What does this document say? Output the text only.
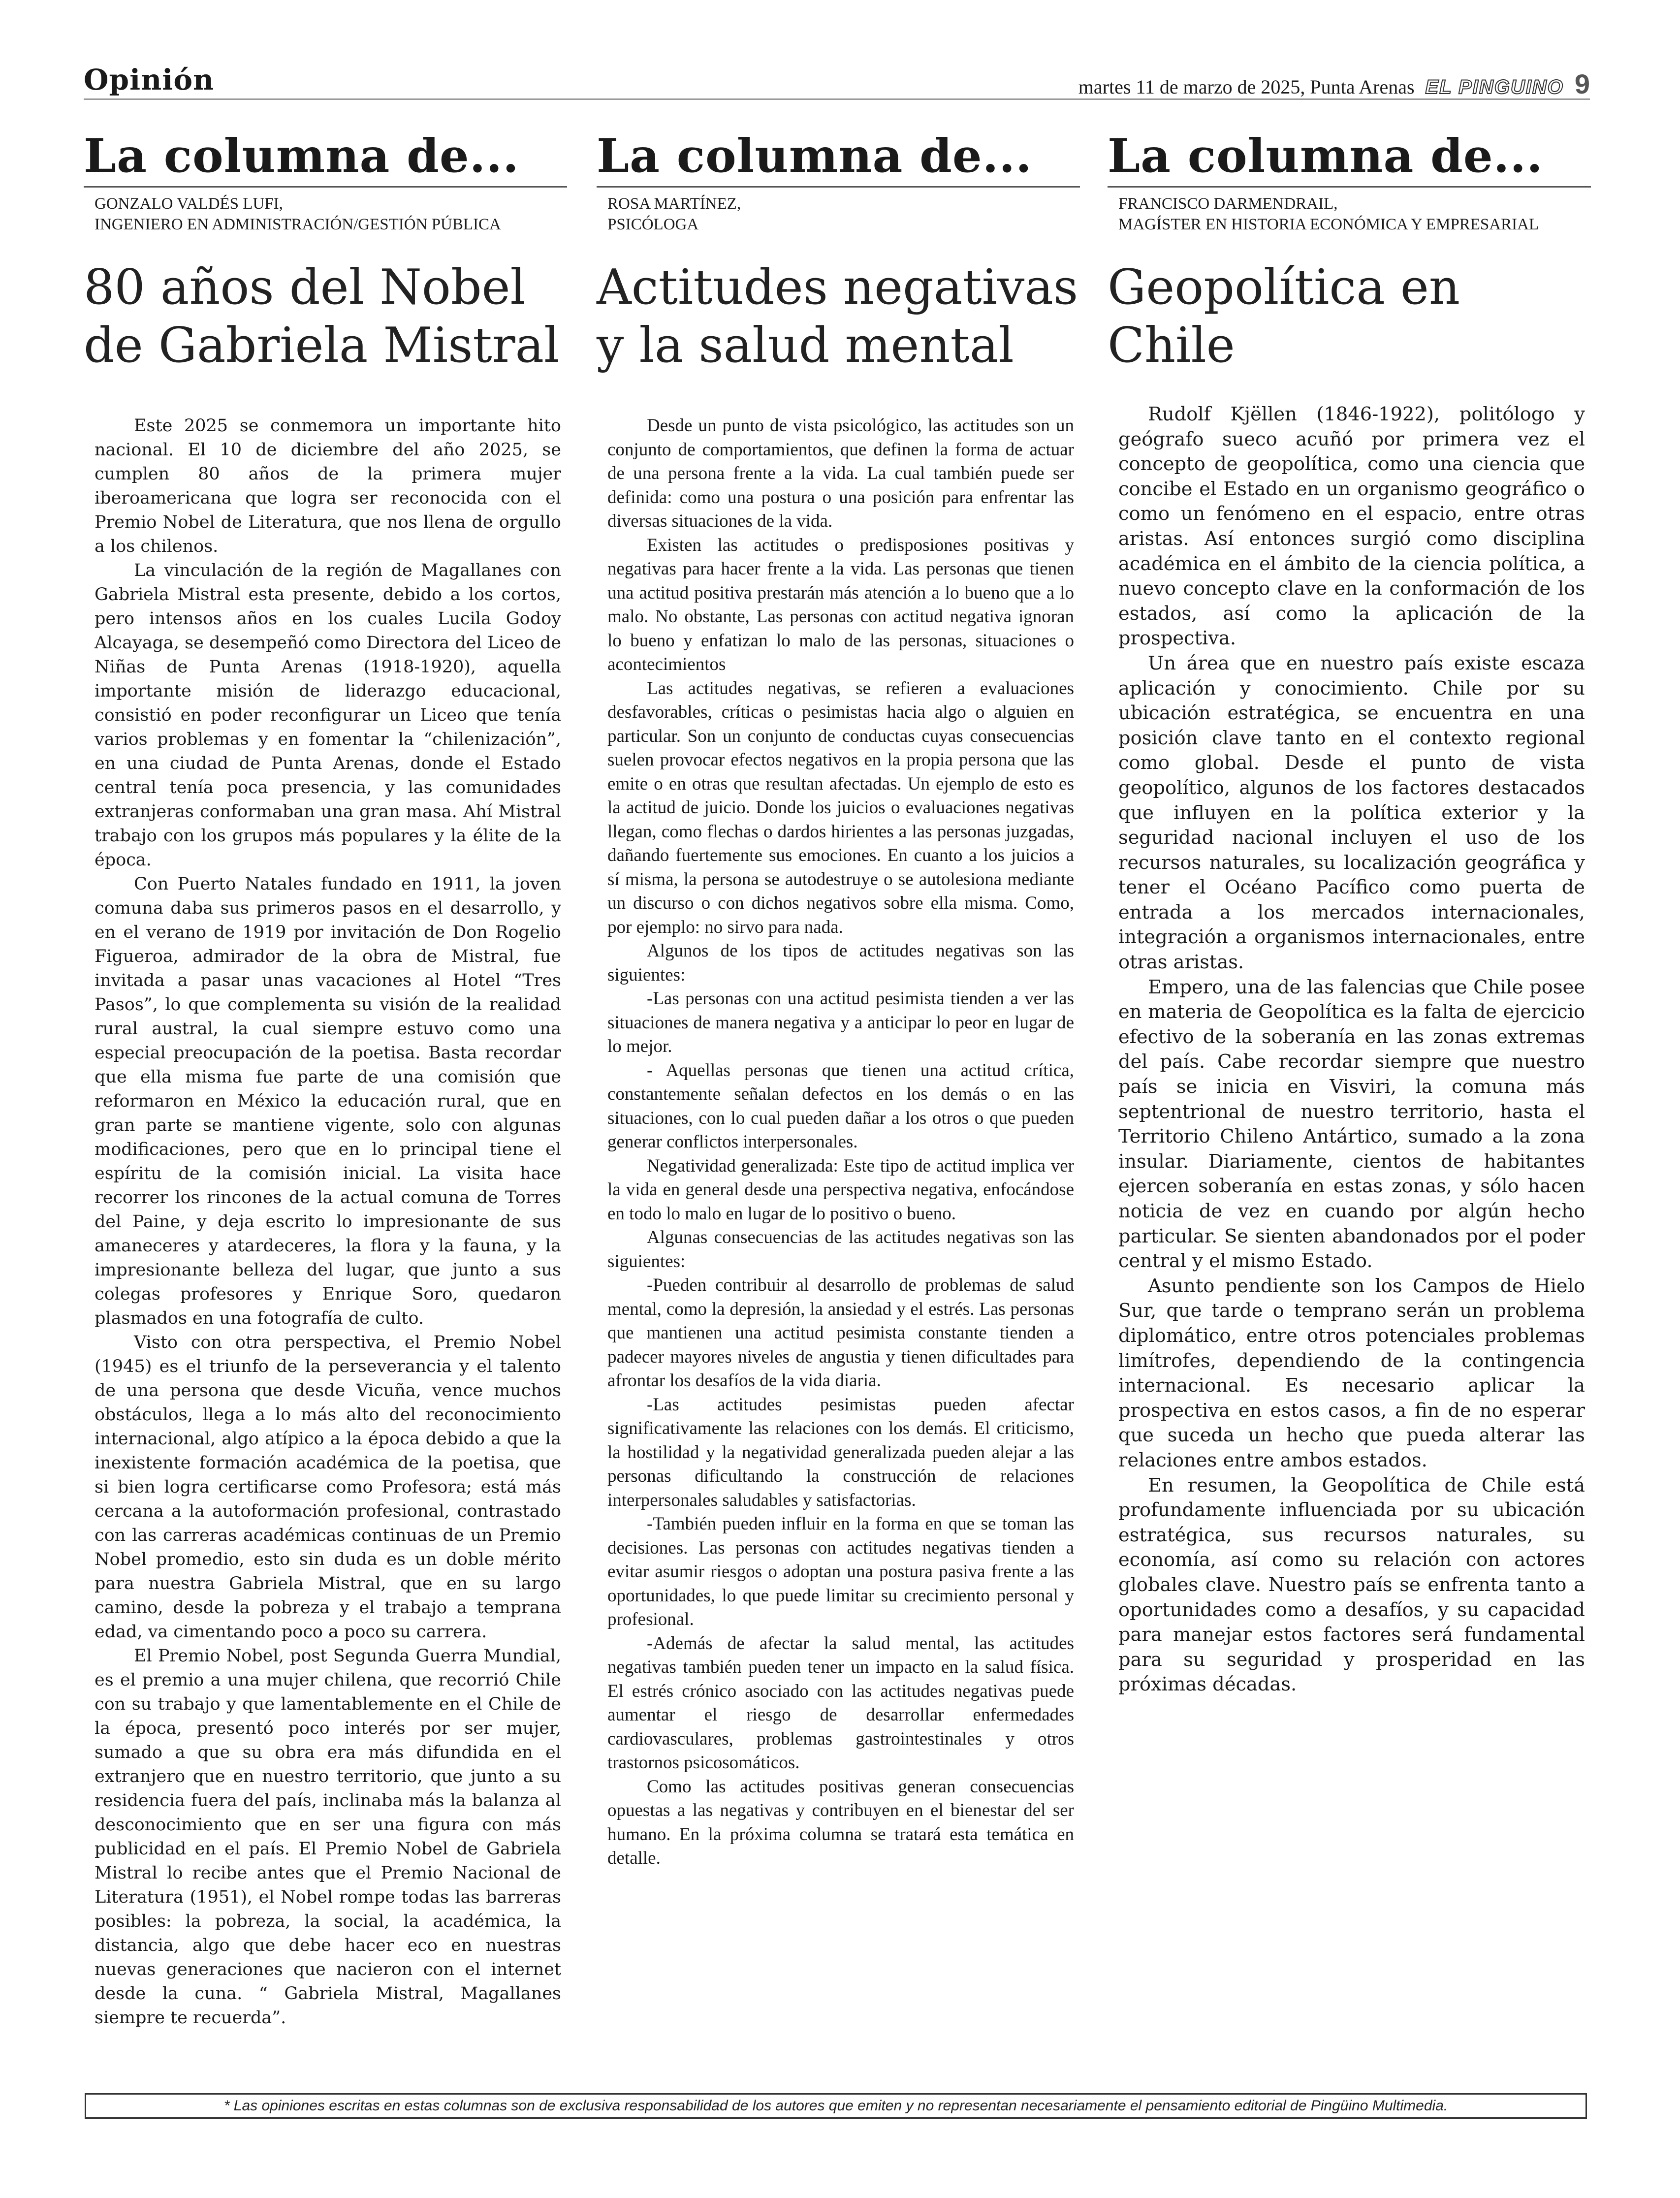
Opinión	martes 11 de marzo de 2025, Punta Arenas EL PINGUINO 9
La columna de...
GONZALO VALDÉS LUFI,
INGENIERO EN ADMINISTRACIÓN/GESTIÓN PÚBLICA
80 años del Nobel de Gabriela Mistral

Este 2025 se conmemora un importante hito nacional. El 10 de diciembre del año 2025, se cumplen 80 años de la primera mujer iberoamericana que logra ser reconocida con el Premio Nobel de Literatura, que nos llena de orgullo a los chilenos.

La vinculación de la región de Magallanes con Gabriela Mistral esta presente, debido a los cortos, pero intensos años en los cuales Lucila Godoy Alcayaga, se desempeñó como Directora del Liceo de Niñas de Punta Arenas (1918-1920), aquella importante misión de liderazgo educacional, consistió en poder reconfigurar un Liceo que tenía varios problemas y en fomentar la “chilenización”, en una ciudad de Punta Arenas, donde el Estado central tenía poca presencia, y las comunidades extranjeras conformaban una gran masa. Ahí Mistral trabajo con los grupos más populares y la élite de la época.

Con Puerto Natales fundado en 1911, la joven comuna daba sus primeros pasos en el desarrollo, y en el verano de 1919 por invitación de Don Rogelio Figueroa, admirador de la obra de Mistral, fue invitada a pasar unas vacaciones al Hotel “Tres Pasos”, lo que complementa su visión de la realidad rural austral, la cual siempre estuvo como una especial preocupación de la poetisa. Basta recordar que ella misma fue parte de una comisión que reformaron en México la educación rural, que en gran parte se mantiene vigente, solo con algunas modificaciones, pero que en lo principal tiene el espíritu de la comisión inicial. La visita hace recorrer los rincones de la actual comuna de Torres del Paine, y deja escrito lo impresionante de sus amaneceres y atardeceres, la flora y la fauna, y la impresionante belleza del lugar, que junto a sus colegas profesores y Enrique Soro, quedaron plasmados en una fotografía de culto.

Visto con otra perspectiva, el Premio Nobel (1945) es el triunfo de la perseverancia y el talento de una persona que desde Vicuña, vence muchos obstáculos, llega a lo más alto del reconocimiento internacional, algo atípico a la época debido a que la inexistente formación académica de la poetisa, que si bien logra certificarse como Profesora; está más cercana a la autoformación profesional, contrastado con las carreras académicas continuas de un Premio Nobel promedio, esto sin duda es un doble mérito para nuestra Gabriela Mistral, que en su largo camino, desde la pobreza y el trabajo a temprana edad, va cimentando poco a poco su carrera.

El Premio Nobel, post Segunda Guerra Mundial, es el premio a una mujer chilena, que recorrió Chile con su trabajo y que lamentablemente en el Chile de la época, presentó poco interés por ser mujer, sumado a que su obra era más difundida en el extranjero que en nuestro territorio, que junto a su residencia fuera del país, inclinaba más la balanza al desconocimiento que en ser una figura con más publicidad en el país. El Premio Nobel de Gabriela Mistral lo recibe antes que el Premio Nacional de Literatura (1951), el Nobel rompe todas las barreras posibles: la pobreza, la social, la académica, la distancia, algo que debe hacer eco en nuestras nuevas generaciones que nacieron con el internet desde la cuna. “ Gabriela Mistral, Magallanes siempre te recuerda”.

La columna de...
ROSA MARTÍNEZ,
PSICÓLOGA
Actitudes negativas y la salud mental

Desde un punto de vista psicológico, las actitudes son un conjunto de comportamientos, que definen la forma de actuar de una persona frente a la vida. La cual también puede ser definida: como una postura o una posición para enfrentar las diversas situaciones de la vida.

Existen las actitudes o predisposiones positivas y negativas para hacer frente a la vida. Las personas que tienen una actitud positiva prestarán más atención a lo bueno que a lo malo. No obstante, Las personas con actitud negativa ignoran lo bueno y enfatizan lo malo de las personas, situaciones o acontecimientos

Las actitudes negativas, se refieren a evaluaciones desfavorables, críticas o pesimistas hacia algo o alguien en particular. Son un conjunto de conductas cuyas consecuencias suelen provocar efectos negativos en la propia persona que las emite o en otras que resultan afectadas. Un ejemplo de esto es la actitud de juicio. Donde los juicios o evaluaciones negativas llegan, como flechas o dardos hirientes a las personas juzgadas, dañando fuertemente sus emociones. En cuanto a los juicios a sí misma, la persona se autodestruye o se autolesiona mediante un discurso o con dichos negativos sobre ella misma. Como, por ejemplo: no sirvo para nada.

Algunos de los tipos de actitudes negativas son las siguientes:

-Las personas con una actitud pesimista tienden a ver las situaciones de manera negativa y a anticipar lo peor en lugar de lo mejor.

- Aquellas personas que tienen una actitud crítica, constantemente señalan defectos en los demás o en las situaciones, con lo cual pueden dañar a los otros o que pueden generar conflictos interpersonales.

Negatividad generalizada: Este tipo de actitud implica ver la vida en general desde una perspectiva negativa, enfocándose en todo lo malo en lugar de lo positivo o bueno.

Algunas consecuencias de las actitudes negativas son las siguientes:

-Pueden contribuir al desarrollo de problemas de salud mental, como la depresión, la ansiedad y el estrés. Las personas que mantienen una actitud pesimista constante tienden a padecer mayores niveles de angustia y tienen dificultades para afrontar los desafíos de la vida diaria.

-Las actitudes pesimistas pueden afectar significativamente las relaciones con los demás. El criticismo, la hostilidad y la negatividad generalizada pueden alejar a las personas dificultando la construcción de relaciones interpersonales saludables y satisfactorias.

-También pueden influir en la forma en que se toman las decisiones. Las personas con actitudes negativas tienden a evitar asumir riesgos o adoptan una postura pasiva frente a las oportunidades, lo que puede limitar su crecimiento personal y profesional.

-Además de afectar la salud mental, las actitudes negativas también pueden tener un impacto en la salud física. El estrés crónico asociado con las actitudes negativas puede aumentar el riesgo de desarrollar enfermedades cardiovasculares, problemas gastrointestinales y otros trastornos psicosomáticos.

Como las actitudes positivas generan consecuencias opuestas a las negativas y contribuyen en el bienestar del ser humano. En la próxima columna se tratará esta temática en detalle.

La columna de...
FRANCISCO DARMENDRAIL,
MAGÍSTER EN HISTORIA ECONÓMICA Y EMPRESARIAL
Geopolítica en Chile

Rudolf Kjëllen (1846-1922), politólogo y geógrafo sueco acuñó por primera vez el concepto de geopolítica, como una ciencia que concibe el Estado en un organismo geográfico o como un fenómeno en el espacio, entre otras aristas. Así entonces surgió como disciplina académica en el ámbito de la ciencia política, a nuevo concepto clave en la conformación de los estados, así como la aplicación de la prospectiva.

Un área que en nuestro país existe escaza aplicación y conocimiento. Chile por su ubicación estratégica, se encuentra en una posición clave tanto en el contexto regional como global. Desde el punto de vista geopolítico, algunos de los factores destacados que influyen en la política exterior y la seguridad nacional incluyen el uso de los recursos naturales, su localización geográfica y tener el Océano Pacífico como puerta de entrada a los mercados internacionales, integración a organismos internacionales, entre otras aristas.

Empero, una de las falencias que Chile posee en materia de Geopolítica es la falta de ejercicio efectivo de la soberanía en las zonas extremas del país. Cabe recordar siempre que nuestro país se inicia en Visviri, la comuna más septentrional de nuestro territorio, hasta el Territorio Chileno Antártico, sumado a la zona insular. Diariamente, cientos de habitantes ejercen soberanía en estas zonas, y sólo hacen noticia de vez en cuando por algún hecho particular. Se sienten abandonados por el poder central y el mismo Estado.

Asunto pendiente son los Campos de Hielo Sur, que tarde o temprano serán un problema diplomático, entre otros potenciales problemas limítrofes, dependiendo de la contingencia internacional. Es necesario aplicar la prospectiva en estos casos, a fin de no esperar que suceda un hecho que pueda alterar las relaciones entre ambos estados.

En resumen, la Geopolítica de Chile está profundamente influenciada por su ubicación estratégica, sus recursos naturales, su economía, así como su relación con actores globales clave. Nuestro país se enfrenta tanto a oportunidades como a desafíos, y su capacidad para manejar estos factores será fundamental para su seguridad y prosperidad en las próximas décadas.

* Las opiniones escritas en estas columnas son de exclusiva responsabilidad de los autores que emiten y no representan necesariamente el pensamiento editorial de Pingüino Multimedia.
